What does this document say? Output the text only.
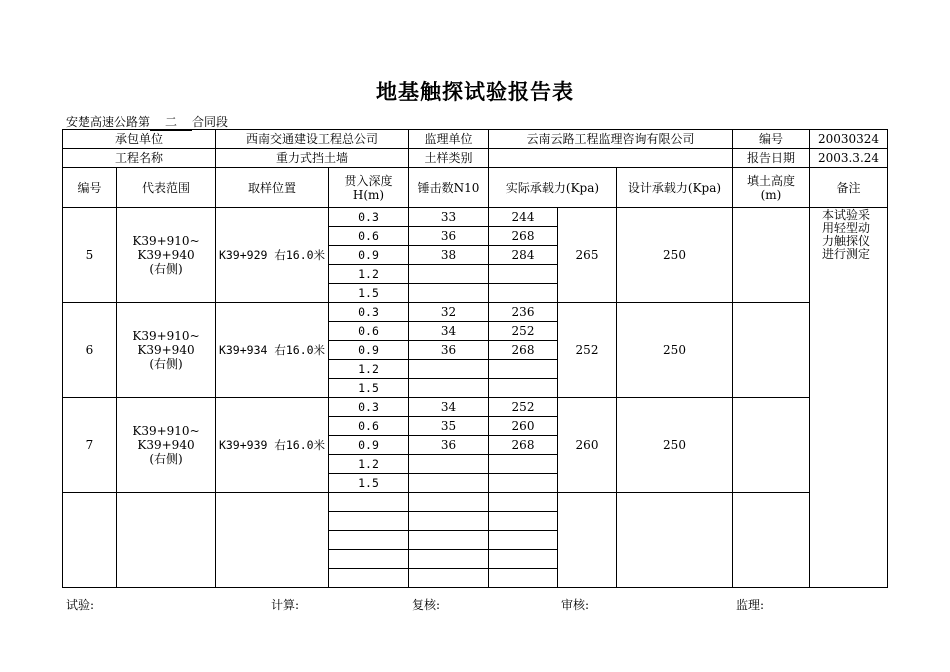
地基触探试验报告表
安楚高速公路第 二 合同段
承包单位		西南交通建设工程总公司		监理单位	云南云路工程监理咨询有限公司			编号	20030324
工程名称		重力式挡土墙		土样类别				报告日期	2003.3.24
编号	代表范围	取样位置	贯入深度
H(m)	锤击数N10	实际承载力(Kpa)		设计承载力(Kpa)	填土高度
(m)	备注
5	K39+910~
K39+940
(右侧)	K39+929 右16.0米	0.3	33	244	265	250		本试验采用轻型动力触探仪进行测定

			0.6	36	268				
			0.9	38	284				
			1.2						
			1.5						
6	K39+910~
K39+940
(右侧)	K39+934 右16.0米	0.3	32	236	252	250		
			0.6	34	252				
			0.9	36	268				
			1.2						
			1.5						
7	K39+910~
K39+940
(右侧)	K39+939 右16.0米	0.3	34	252	260	250		
			0.6	35	260				
			0.9	36	268				
			1.2						
			1.5						

试验:	计算:	复核:	审核:	监理:
